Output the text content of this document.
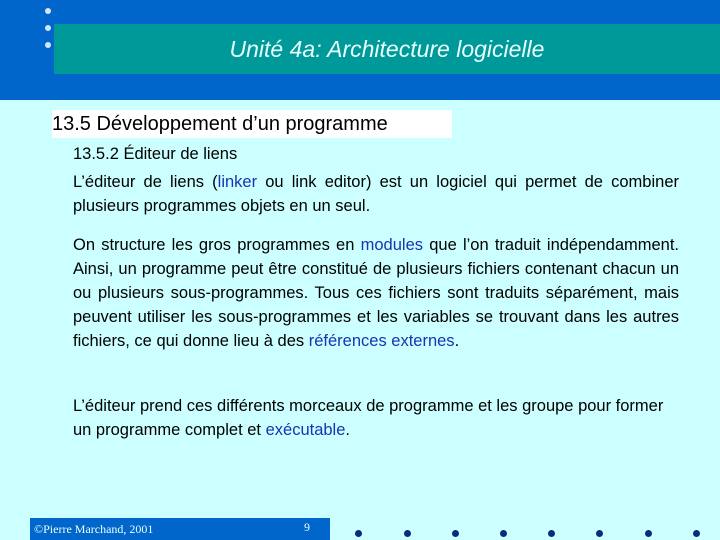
Unité 4a: Architecture logicielle
13.5 Développement d’un programme

13.5.2 Éditeur de liens

L’éditeur de liens (linker ou link editor) est un logiciel qui permet de combiner plusieurs programmes objets en un seul.

On structure les gros programmes en modules que l’on traduit indépendamment. Ainsi, un programme peut être constitué de plusieurs fichiers contenant chacun un ou plusieurs sous-programmes. Tous ces fichiers sont traduits séparément, mais peuvent utiliser les sous-programmes et les variables se trouvant dans les autres fichiers, ce qui donne lieu à des références externes.

L’éditeur prend ces différents morceaux de programme et les groupe pour former un programme complet et exécutable.

©Pierre Marchand, 2001	9
